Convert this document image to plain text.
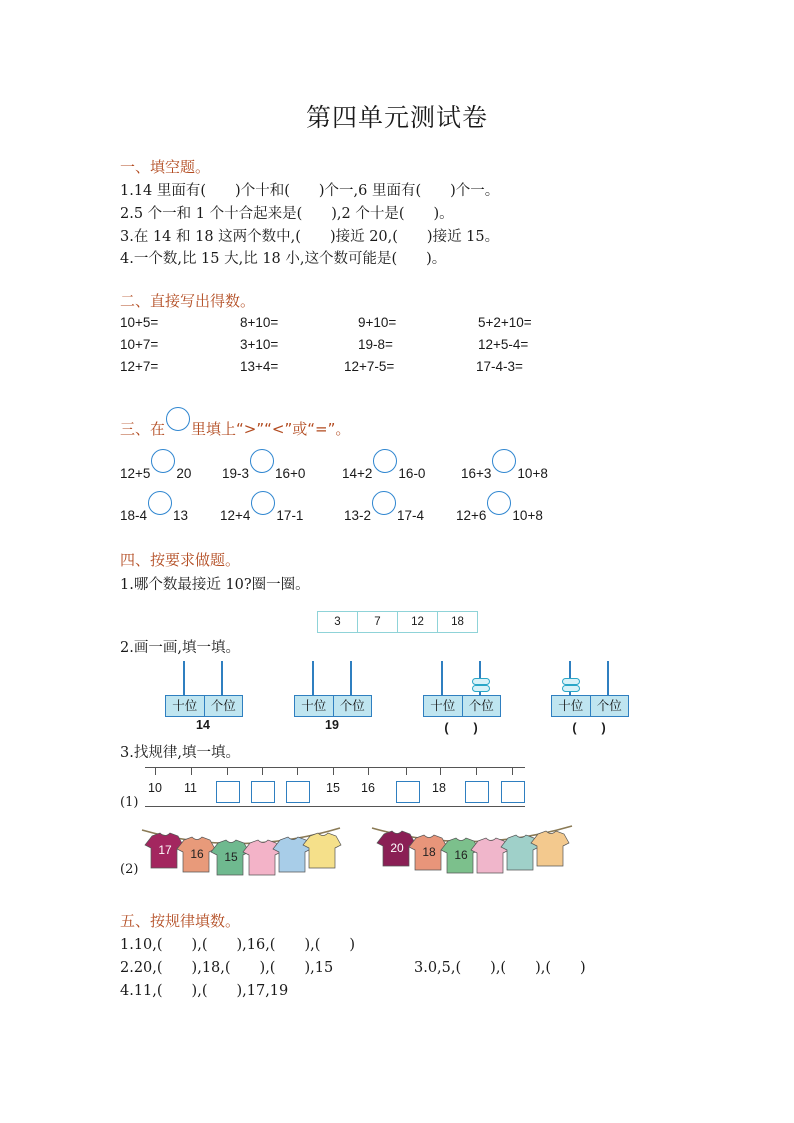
第四单元测试卷
一、填空题。
1.14 里面有(　　)个十和(　　)个一,6 里面有(　　)个一。
2.5 个一和 1 个十合起来是(　　),2 个十是(　　)。
3.在 14 和 18 这两个数中,(　　)接近 20,(　　)接近 15。
4.一个数,比 15 大,比 18 小,这个数可能是(　　)。
二、直接写出得数。
10+5=	8+10=	9+10=	5+2+10=
10+7=	3+10=	19-8=	12+5-4=
12+7=	13+4=	12+7-5=	17-4-3=
三、在 里填上“>”“<”或“=”。
12+5 20 19-3 16+0	14+2 16-0	16+3 10+8
18-4 13 12+4 17-1	13-2 17-4 12+6 10+8
四、按要求做题。
1.哪个数最接近 10?圈一圈。
3	7	12	18
2.画一画,填一填。
十位	个位
14
十位	个位
19
十位	个位
(　　)
十位	个位
(　　)
3.找规律,填一填。
(1)
10 11	15 16	18
(2)
17 16 15
20 18 16
五、按规律填数。
1.10,(　　),(　　),16,(　　),(　　)
2.20,(　　),18,(　　),(　　),15	3.0,5,(　　),(　　),(　　)
4.11,(　　),(　　),17,19
